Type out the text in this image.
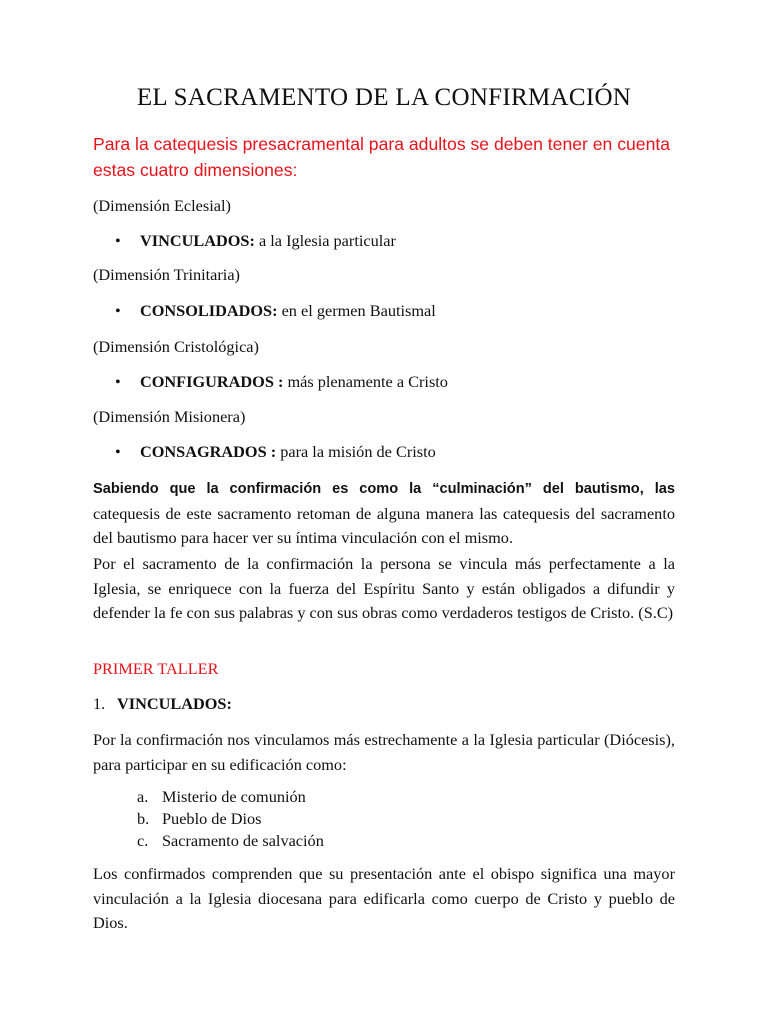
EL SACRAMENTO DE LA CONFIRMACIÓN
Para la catequesis presacramental para adultos se deben tener en cuenta estas cuatro dimensiones:
(Dimensión Eclesial)
• VINCULADOS: a la Iglesia particular
(Dimensión Trinitaria)
• CONSOLIDADOS: en el germen Bautismal
(Dimensión Cristológica)
• CONFIGURADOS : más plenamente a Cristo
(Dimensión Misionera)
• CONSAGRADOS : para la misión de Cristo
Sabiendo que la confirmación es como la “culminación” del bautismo, las catequesis de este sacramento retoman de alguna manera las catequesis del sacramento del bautismo para hacer ver su íntima vinculación con el mismo.
Por el sacramento de la confirmación la persona se vincula más perfectamente a la Iglesia, se enriquece con la fuerza del Espíritu Santo y están obligados a difundir y defender la fe con sus palabras y con sus obras como verdaderos testigos de Cristo. (S.C)
PRIMER TALLER
1. VINCULADOS:
Por la confirmación nos vinculamos más estrechamente a la Iglesia particular (Diócesis), para participar en su edificación como:
a. Misterio de comunión
b. Pueblo de Dios
c. Sacramento de salvación
Los confirmados comprenden que su presentación ante el obispo significa una mayor vinculación a la Iglesia diocesana para edificarla como cuerpo de Cristo y pueblo de Dios.
